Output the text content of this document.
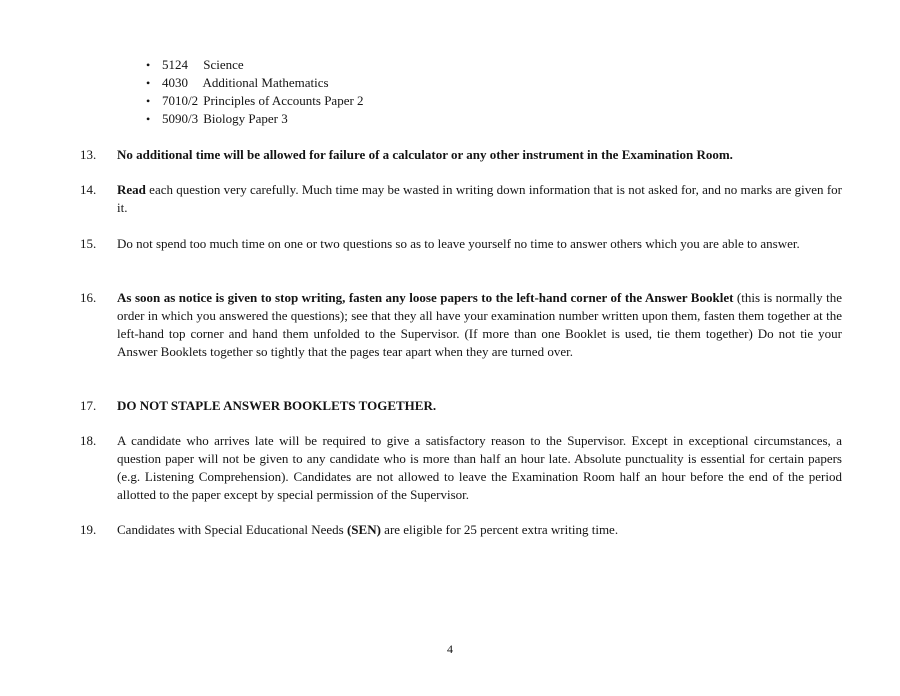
• 5124 Science
• 4030 Additional Mathematics
• 7010/2 Principles of Accounts Paper 2
• 5090/3 Biology Paper 3
13.	No additional time will be allowed for failure of a calculator or any other instrument in the Examination Room.
14.	Read each question very carefully. Much time may be wasted in writing down information that is not asked for, and no marks are given for it.
15.	Do not spend too much time on one or two questions so as to leave yourself no time to answer others which you are able to answer.
16.	As soon as notice is given to stop writing, fasten any loose papers to the left-hand corner of the Answer Booklet (this is normally the order in which you answered the questions); see that they all have your examination number written upon them, fasten them together at the left-hand top corner and hand them unfolded to the Supervisor. (If more than one Booklet is used, tie them together) Do not tie your Answer Booklets together so tightly that the pages tear apart when they are turned over.
17.	DO NOT STAPLE ANSWER BOOKLETS TOGETHER.
18.	A candidate who arrives late will be required to give a satisfactory reason to the Supervisor. Except in exceptional circumstances, a question paper will not be given to any candidate who is more than half an hour late. Absolute punctuality is essential for certain papers (e.g. Listening Comprehension). Candidates are not allowed to leave the Examination Room half an hour before the end of the period allotted to the paper except by special permission of the Supervisor.
19.	Candidates with Special Educational Needs (SEN) are eligible for 25 percent extra writing time.
4
